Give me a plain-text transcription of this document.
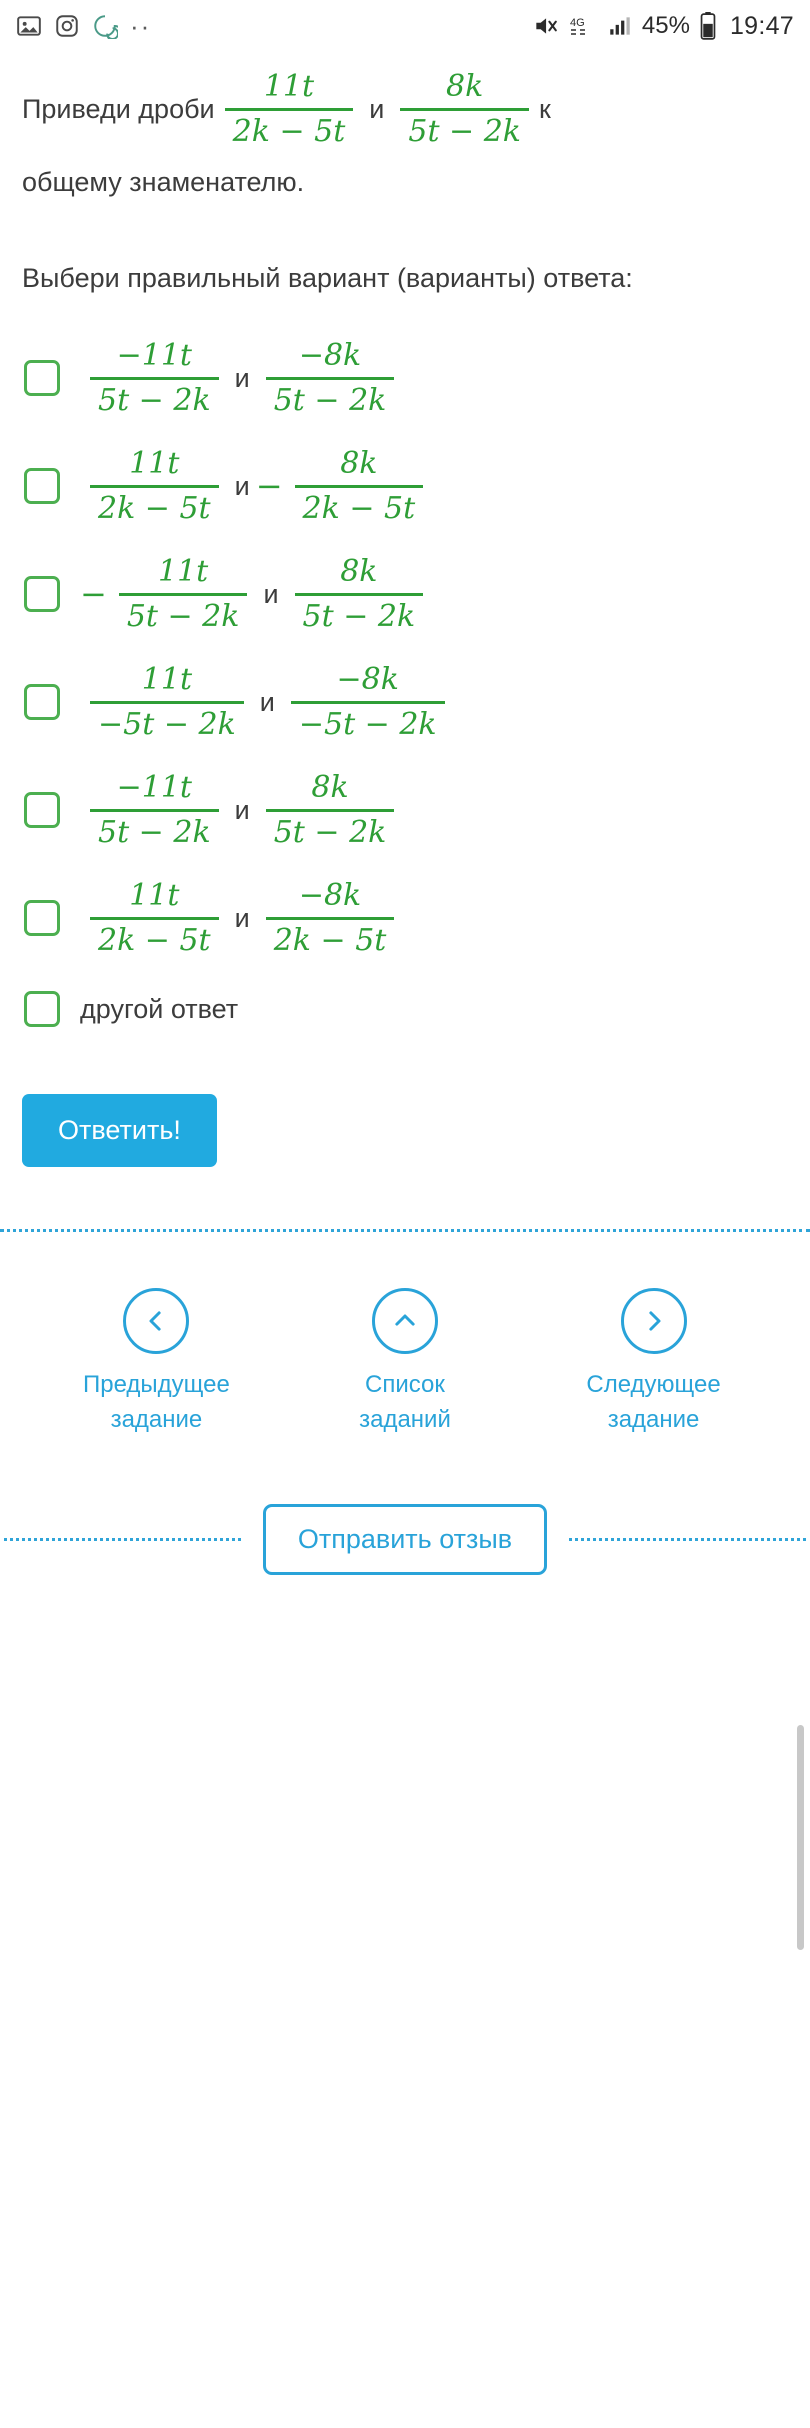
··	4G 45% 19:47
Приведи дроби $\frac{11t}{2k - 5t}$ и $\frac{8k}{5t - 2k}$ к
общему знаменателю.
Выбери правильный вариант (варианты) ответа:
$\frac{-11t}{5t - 2k}$ и $\frac{-8k}{5t - 2k}$
$\frac{11t}{2k - 5t}$ $и - \frac{8k}{2k - 5t}$
− $\frac{11t}{5t - 2k}$ и $\frac{8k}{5t - 2k}$
$\frac{11t}{-5t - 2k}$ и $\frac{-8k}{-5t - 2k}$
$\frac{-11t}{5t - 2k}$ и $\frac{8k}{5t - 2k}$
$\frac{11t}{2k - 5t}$ и $\frac{-8k}{2k - 5t}$
другой ответ
Ответить!
Предыдущее
задание
Список
заданий
Следующее
задание
Отправить отзыв
